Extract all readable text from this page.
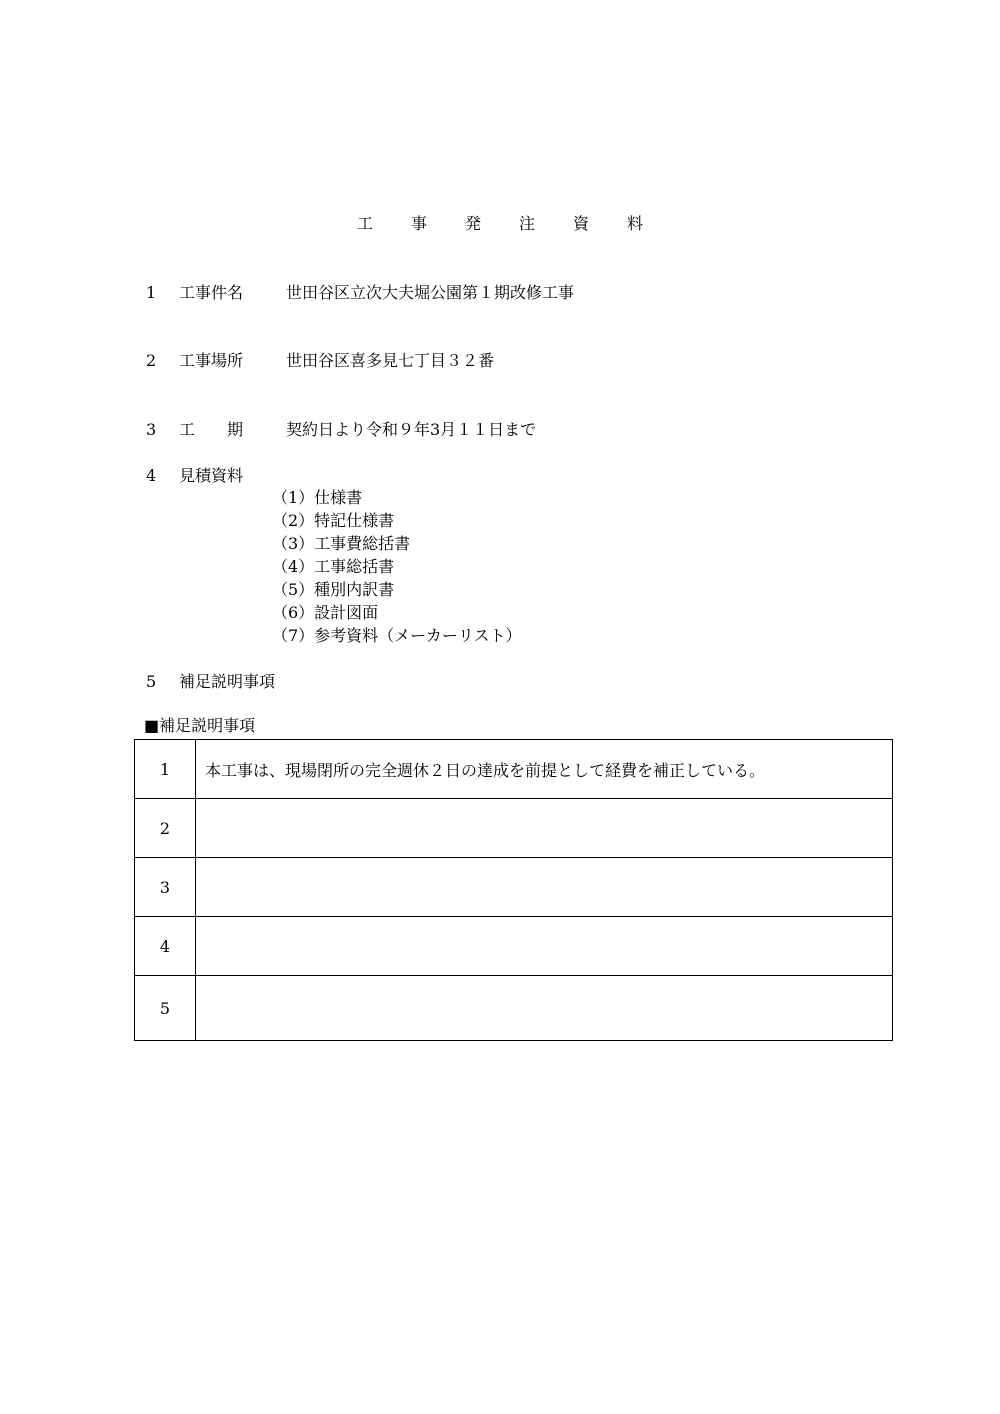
工	事	発	注	資	料
1 工事件名	世田谷区立次大夫堀公園第１期改修工事
2 工事場所	世田谷区喜多見七丁目３２番
3 工　　期	契約日より令和９年3月１１日まで
4 見積資料
（1）仕様書
（2）特記仕様書
（3）工事費総括書
（4）工事総括書
（5）種別内訳書
（6）設計図面
（7）参考資料（メーカーリスト）
5 補足説明事項
■補足説明事項
1	本工事は、現場閉所の完全週休２日の達成を前提として経費を補正している。
2	
3	
4	
5	
